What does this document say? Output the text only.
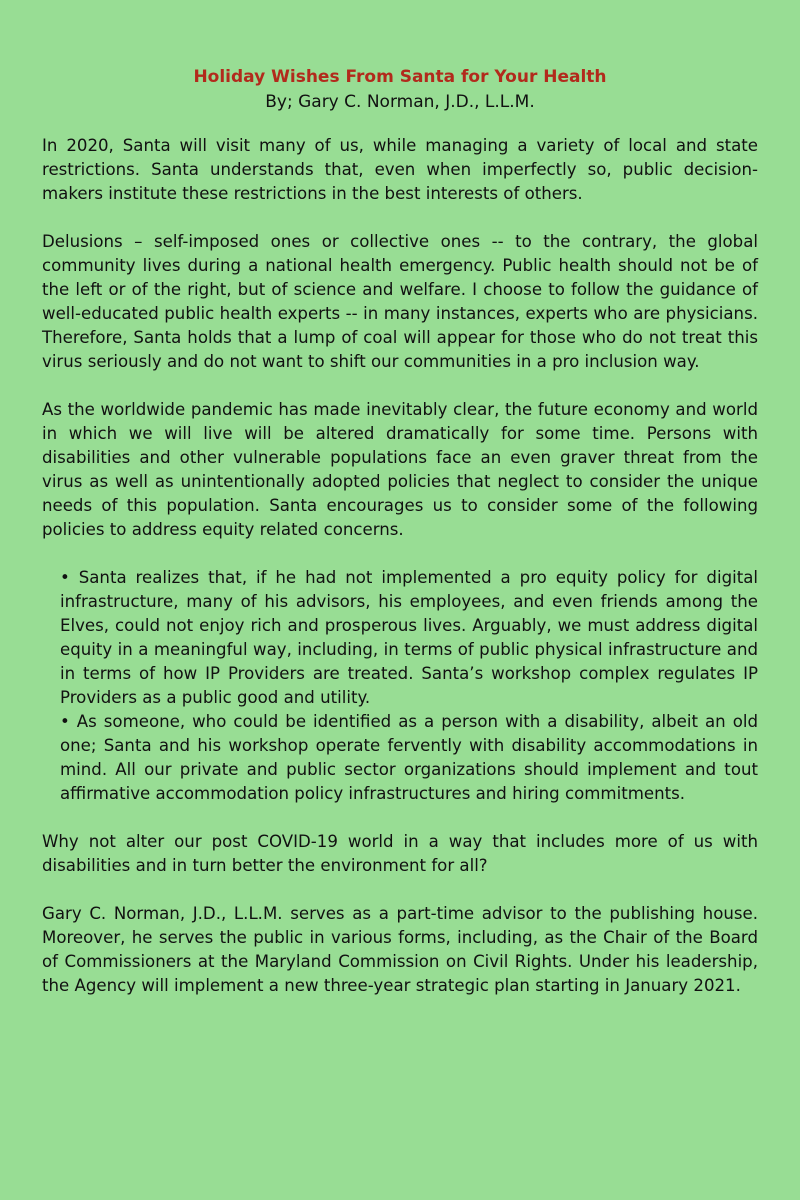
Holiday Wishes From Santa for Your Health
By; Gary C. Norman, J.D., L.L.M.

In 2020, Santa will visit many of us, while managing a variety of local and state restrictions. Santa understands that, even when imperfectly so, public decision-makers institute these restrictions in the best interests of others.

Delusions – self-imposed ones or collective ones -- to the contrary, the global community lives during a national health emergency. Public health should not be of the left or of the right, but of science and welfare. I choose to follow the guidance of well-educated public health experts -- in many instances, experts who are physicians. Therefore, Santa holds that a lump of coal will appear for those who do not treat this virus seriously and do not want to shift our communities in a pro inclusion way.

As the worldwide pandemic has made inevitably clear, the future economy and world in which we will live will be altered dramatically for some time. Persons with disabilities and other vulnerable populations face an even graver threat from the virus as well as unintentionally adopted policies that neglect to consider the unique needs of this population. Santa encourages us to consider some of the following policies to address equity related concerns.

• Santa realizes that, if he had not implemented a pro equity policy for digital infrastructure, many of his advisors, his employees, and even friends among the Elves, could not enjoy rich and prosperous lives. Arguably, we must address digital equity in a meaningful way, including, in terms of public physical infrastructure and in terms of how IP Providers are treated. Santa’s workshop complex regulates IP Providers as a public good and utility.
• As someone, who could be identified as a person with a disability, albeit an old one; Santa and his workshop operate fervently with disability accommodations in mind. All our private and public sector organizations should implement and tout affirmative accommodation policy infrastructures and hiring commitments.

Why not alter our post COVID-19 world in a way that includes more of us with disabilities and in turn better the environment for all?

Gary C. Norman, J.D., L.L.M. serves as a part-time advisor to the publishing house. Moreover, he serves the public in various forms, including, as the Chair of the Board of Commissioners at the Maryland Commission on Civil Rights. Under his leadership, the Agency will implement a new three-year strategic plan starting in January 2021.
